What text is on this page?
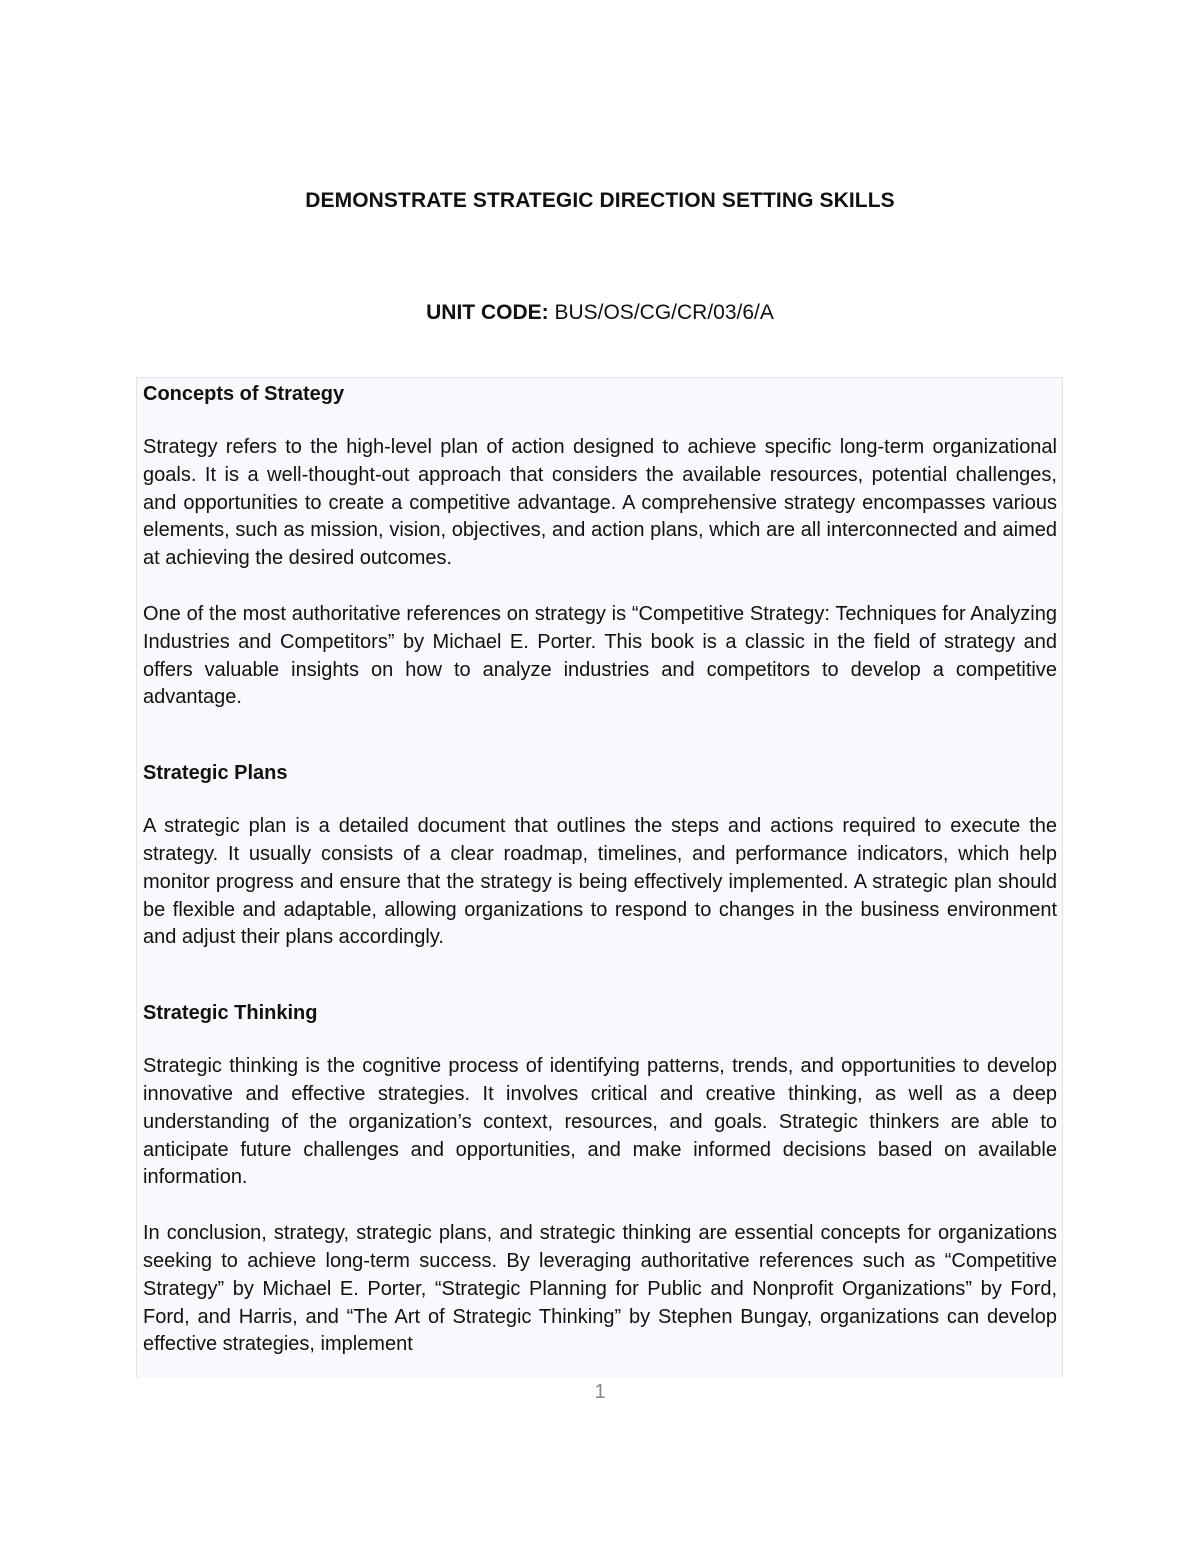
DEMONSTRATE STRATEGIC DIRECTION SETTING SKILLS

UNIT CODE: BUS/OS/CG/CR/03/6/A

Concepts of Strategy

Strategy refers to the high-level plan of action designed to achieve specific long-term organizational goals. It is a well-thought-out approach that considers the available resources, potential challenges, and opportunities to create a competitive advantage. A comprehensive strategy encompasses various elements, such as mission, vision, objectives, and action plans, which are all interconnected and aimed at achieving the desired outcomes.

One of the most authoritative references on strategy is “Competitive Strategy: Techniques for Analyzing Industries and Competitors” by Michael E. Porter. This book is a classic in the field of strategy and offers valuable insights on how to analyze industries and competitors to develop a competitive advantage.

Strategic Plans

A strategic plan is a detailed document that outlines the steps and actions required to execute the strategy. It usually consists of a clear roadmap, timelines, and performance indicators, which help monitor progress and ensure that the strategy is being effectively implemented. A strategic plan should be flexible and adaptable, allowing organizations to respond to changes in the business environment and adjust their plans accordingly.

Strategic Thinking

Strategic thinking is the cognitive process of identifying patterns, trends, and opportunities to develop innovative and effective strategies. It involves critical and creative thinking, as well as a deep understanding of the organization’s context, resources, and goals. Strategic thinkers are able to anticipate future challenges and opportunities, and make informed decisions based on available information.

In conclusion, strategy, strategic plans, and strategic thinking are essential concepts for organizations seeking to achieve long-term success. By leveraging authoritative references such as “Competitive Strategy” by Michael E. Porter, “Strategic Planning for Public and Nonprofit Organizations” by Ford, Ford, and Harris, and “The Art of Strategic Thinking” by Stephen Bungay, organizations can develop effective strategies, implement

1
